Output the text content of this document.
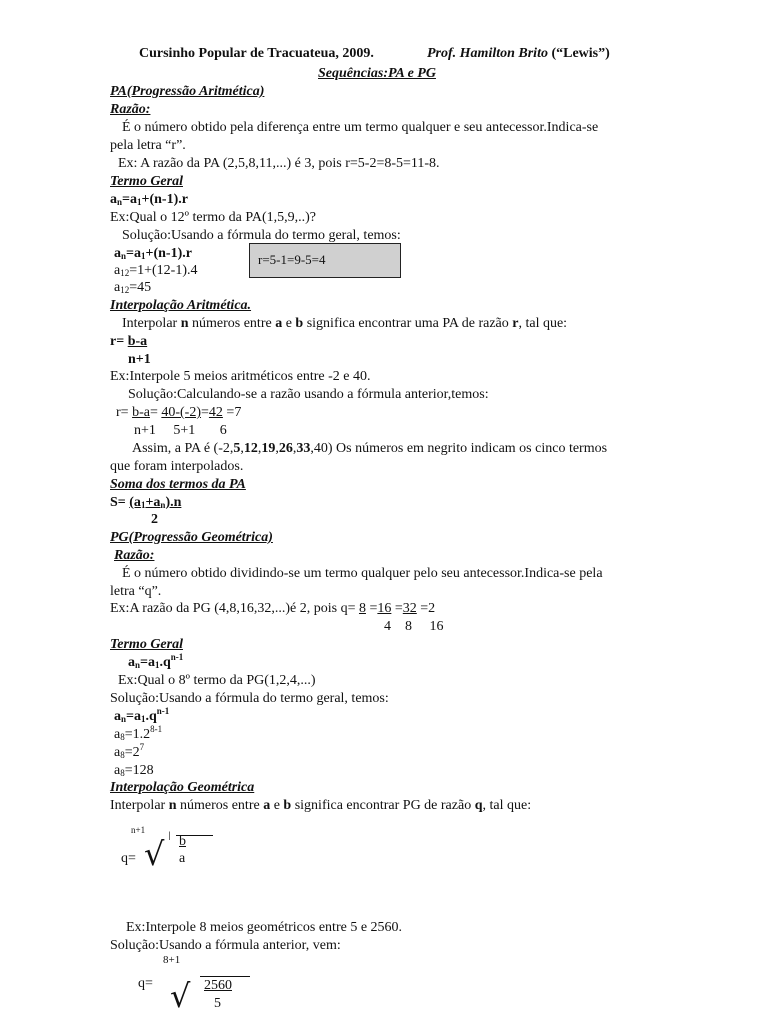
Cursinho Popular de Tracuateua, 2009.	Prof. Hamilton Brito (“Lewis”)
Sequências:PA e PG
PA(Progressão Aritmética)
Razão:
É o número obtido pela diferença entre um termo qualquer e seu antecessor.Indica-se
pela letra “r”.
Ex: A razão da PA (2,5,8,11,...) é 3, pois r=5-2=8-5=11-8.
Termo Geral
$a_n=a_1+(n-1).r$
Ex:Qual o 12º termo da PA(1,5,9,..)?
Solução:Usando a fórmula do termo geral, temos:
$a_n=a_1+(n-1).r$	r=5-1=9-5=4
$a_{12}=1+(12-1).4$
$a_{12}=45$
Interpolação Aritmética.
Interpolar n números entre a e b significa encontrar uma PA de razão r, tal que:
r= b-a
n+1
Ex:Interpole 5 meios aritméticos entre -2 e 40.
Solução:Calculando-se a razão usando a fórmula anterior,temos:
r= b-a= 40-(-2)=42 =7
n+1     5+1       6
Assim, a PA é (-2,5,12,19,26,33,40) Os números em negrito indicam os cinco termos
que foram interpolados.
Soma dos termos da PA
$S= (a_1+a_n).n$
2
PG(Progressão Geométrica)
Razão:
É o número obtido dividindo-se um termo qualquer pelo seu antecessor.Indica-se pela
letra “q”.
Ex:A razão da PG (4,8,16,32,...)é 2, pois q= 8 =16 =32 =2
4    8     16
Termo Geral
$a_n=a_1.q^{n-1}$
Ex:Qual o 8º termo da PG(1,2,4,...)
Solução:Usando a fórmula do termo geral, temos:
$a_n=a_1.q^{n-1}$
$a_8=1.2^{8-1}$
$a_8=2^7$
$a_8=128$
Interpolação Geométrica
Interpolar n números entre a e b significa encontrar PG de razão q, tal que:
n+1 ǀ
q= √ b
a
Ex:Interpole 8 meios geométricos entre 5 e 2560.
Solução:Usando a fórmula anterior, vem:
8+1
q= √ 2560
5
